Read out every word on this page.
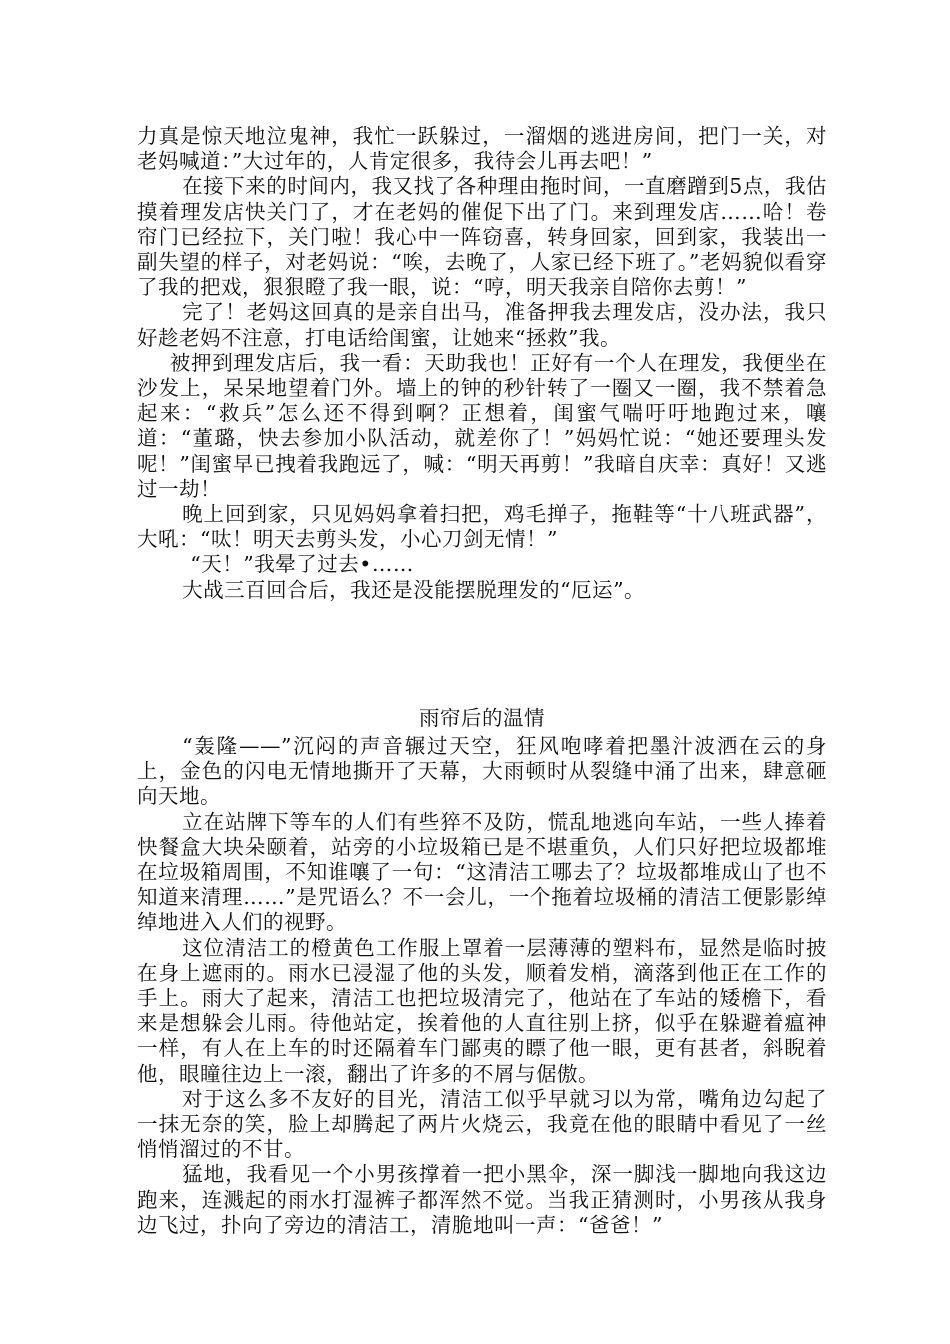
力真是惊天地泣鬼神，我忙一跃躲过，一溜烟的逃进房间，把门一关，对老妈喊道：”大过年的，人肯定很多，我待会儿再去吧！”

在接下来的时间内，我又找了各种理由拖时间，一直磨蹭到5点，我估摸着理发店快关门了，才在老妈的催促下出了门。来到理发店……哈！卷帘门已经拉下，关门啦！我心中一阵窃喜，转身回家，回到家，我装出一副失望的样子，对老妈说：“唉，去晚了，人家已经下班了。”老妈貌似看穿了我的把戏，狠狠瞪了我一眼，说：“哼，明天我亲自陪你去剪！”

完了！老妈这回真的是亲自出马，准备押我去理发店，没办法，我只好趁老妈不注意，打电话给闺蜜，让她来“拯救”我。

被押到理发店后，我一看：天助我也！正好有一个人在理发，我便坐在沙发上，呆呆地望着门外。墙上的钟的秒针转了一圈又一圈，我不禁着急起来：“救兵”怎么还不得到啊？正想着，闺蜜气喘吁吁地跑过来，嚷道：“董璐，快去参加小队活动，就差你了！”妈妈忙说：“她还要理头发呢！”闺蜜早已拽着我跑远了，喊：“明天再剪！”我暗自庆幸：真好！又逃过一劫！

晚上回到家，只见妈妈拿着扫把，鸡毛掸子，拖鞋等“十八班武器”，大吼：“呔！明天去剪头发，小心刀剑无情！”

“天！”我晕了过去•……

大战三百回合后，我还是没能摆脱理发的“厄运”。

雨帘后的温情

“轰隆——”沉闷的声音辗过天空，狂风咆哮着把墨汁波洒在云的身上，金色的闪电无情地撕开了天幕，大雨顿时从裂缝中涌了出来，肆意砸向天地。

立在站牌下等车的人们有些猝不及防，慌乱地逃向车站，一些人捧着快餐盒大块朵颐着，站旁的小垃圾箱已是不堪重负，人们只好把垃圾都堆在垃圾箱周围，不知谁嚷了一句：“这清洁工哪去了？垃圾都堆成山了也不知道来清理……”是咒语么？不一会儿，一个拖着垃圾桶的清洁工便影影绰绰地进入人们的视野。

这位清洁工的橙黄色工作服上罩着一层薄薄的塑料布，显然是临时披在身上遮雨的。雨水已浸湿了他的头发，顺着发梢，滴落到他正在工作的手上。雨大了起来，清洁工也把垃圾清完了，他站在了车站的矮檐下，看来是想躲会儿雨。待他站定，挨着他的人直往别上挤，似乎在躲避着瘟神一样，有人在上车的时还隔着车门鄙夷的瞟了他一眼，更有甚者，斜睨着他，眼瞳往边上一滚，翻出了许多的不屑与倨傲。

对于这么多不友好的目光，清洁工似乎早就习以为常，嘴角边勾起了一抹无奈的笑，脸上却腾起了两片火烧云，我竟在他的眼睛中看见了一丝悄悄溜过的不甘。

猛地，我看见一个小男孩撑着一把小黑伞，深一脚浅一脚地向我这边跑来，连溅起的雨水打湿裤子都浑然不觉。当我正猜测时，小男孩从我身边飞过，扑向了旁边的清洁工，清脆地叫一声：“爸爸！”
